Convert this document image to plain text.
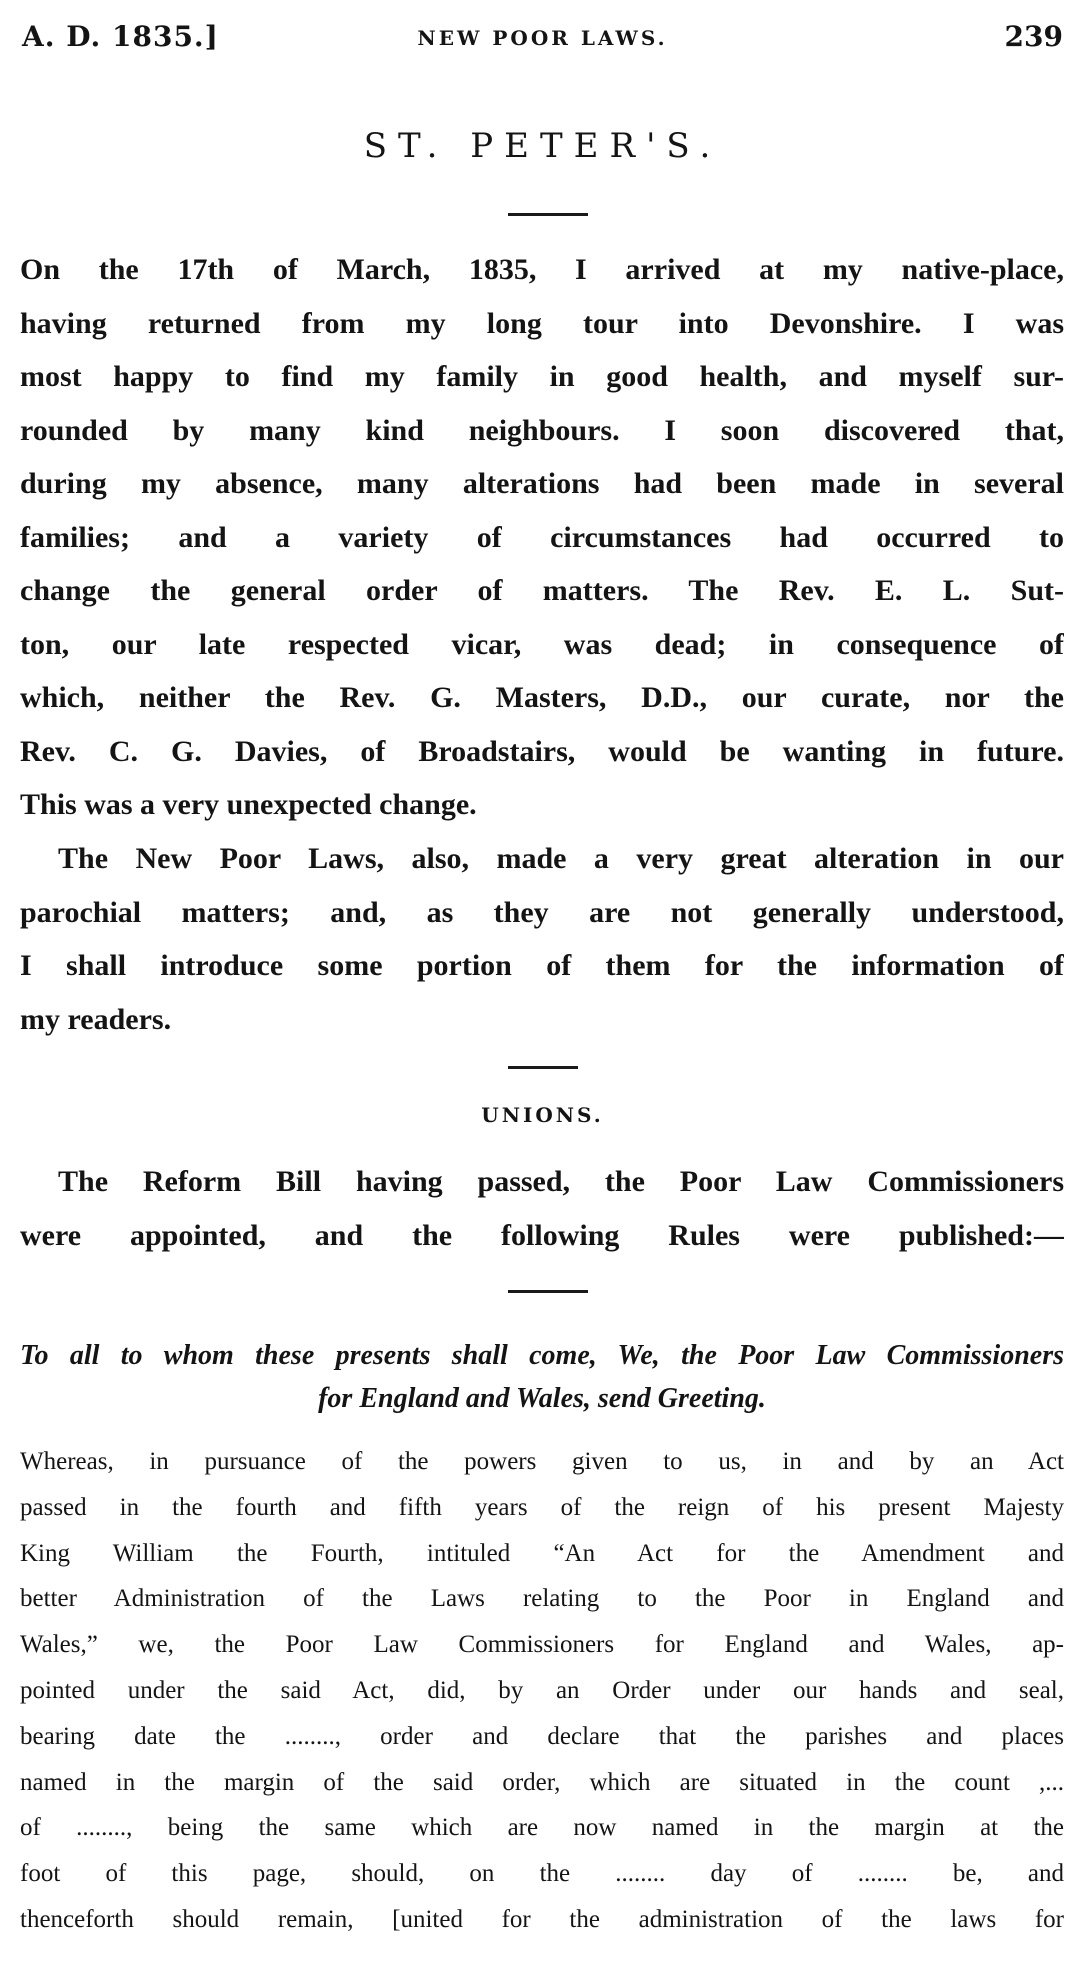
A. D. 1835.]	NEW POOR LAWS.	239
ST. PETER'S.
On the 17th of March, 1835, I arrived at my native-place,
having returned from my long tour into Devonshire. I was
most happy to find my family in good health, and myself sur-
rounded by many kind neighbours. I soon discovered that,
during my absence, many alterations had been made in several
families; and a variety of circumstances had occurred to
change the general order of matters. The Rev. E. L. Sut-
ton, our late respected vicar, was dead; in consequence of
which, neither the Rev. G. Masters, D.D., our curate, nor the
Rev. C. G. Davies, of Broadstairs, would be wanting in future.
This was a very unexpected change.
The New Poor Laws, also, made a very great alteration in our
parochial matters; and, as they are not generally understood,
I shall introduce some portion of them for the information of
my readers.
UNIONS.
The Reform Bill having passed, the Poor Law Commissioners
were appointed, and the following Rules were published:—
To all to whom these presents shall come, We, the Poor Law Commissioners
for England and Wales, send Greeting.
Whereas, in pursuance of the powers given to us, in and by an Act
passed in the fourth and fifth years of the reign of his present Majesty
King William the Fourth, intituled “An Act for the Amendment and
better Administration of the Laws relating to the Poor in England and
Wales,” we, the Poor Law Commissioners for England and Wales, ap-
pointed under the said Act, did, by an Order under our hands and seal,
bearing date the ........, order and declare that the parishes and places
named in the margin of the said order, which are situated in the count ,...
of ........, being the same which are now named in the margin at the
foot of this page, should, on the ........ day of ........ be, and
thenceforth should remain, [united for the administration of the laws for
